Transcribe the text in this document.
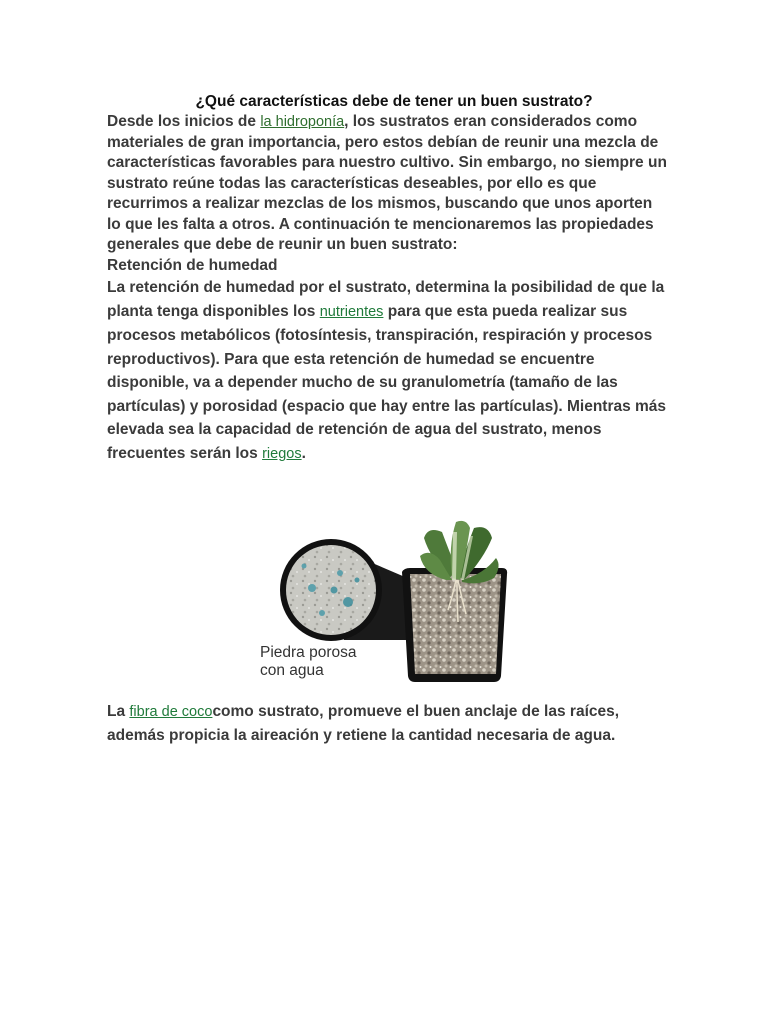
¿Qué características debe de tener un buen sustrato?

Desde los inicios de la hidroponía, los sustratos eran considerados como materiales de gran importancia, pero estos debían de reunir una mezcla de características favorables para nuestro cultivo. Sin embargo, no siempre un sustrato reúne todas las características deseables, por ello es que recurrimos a realizar mezclas de los mismos, buscando que unos aporten lo que les falta a otros. A continuación te mencionaremos las propiedades generales que debe de reunir un buen sustrato:

Retención de humedad

La retención de humedad por el sustrato, determina la posibilidad de que la planta tenga disponibles los nutrientes para que esta pueda realizar sus procesos metabólicos (fotosíntesis, transpiración, respiración y procesos reproductivos). Para que esta retención de humedad se encuentre disponible, va a depender mucho de su granulometría (tamaño de las partículas) y porosidad (espacio que hay entre las partículas). Mientras más elevada sea la capacidad de retención de agua del sustrato, menos frecuentes serán los riegos.

Piedra porosa
con agua

La fibra de cococomo sustrato, promueve el buen anclaje de las raíces, además propicia la aireación y retiene la cantidad necesaria de agua.
